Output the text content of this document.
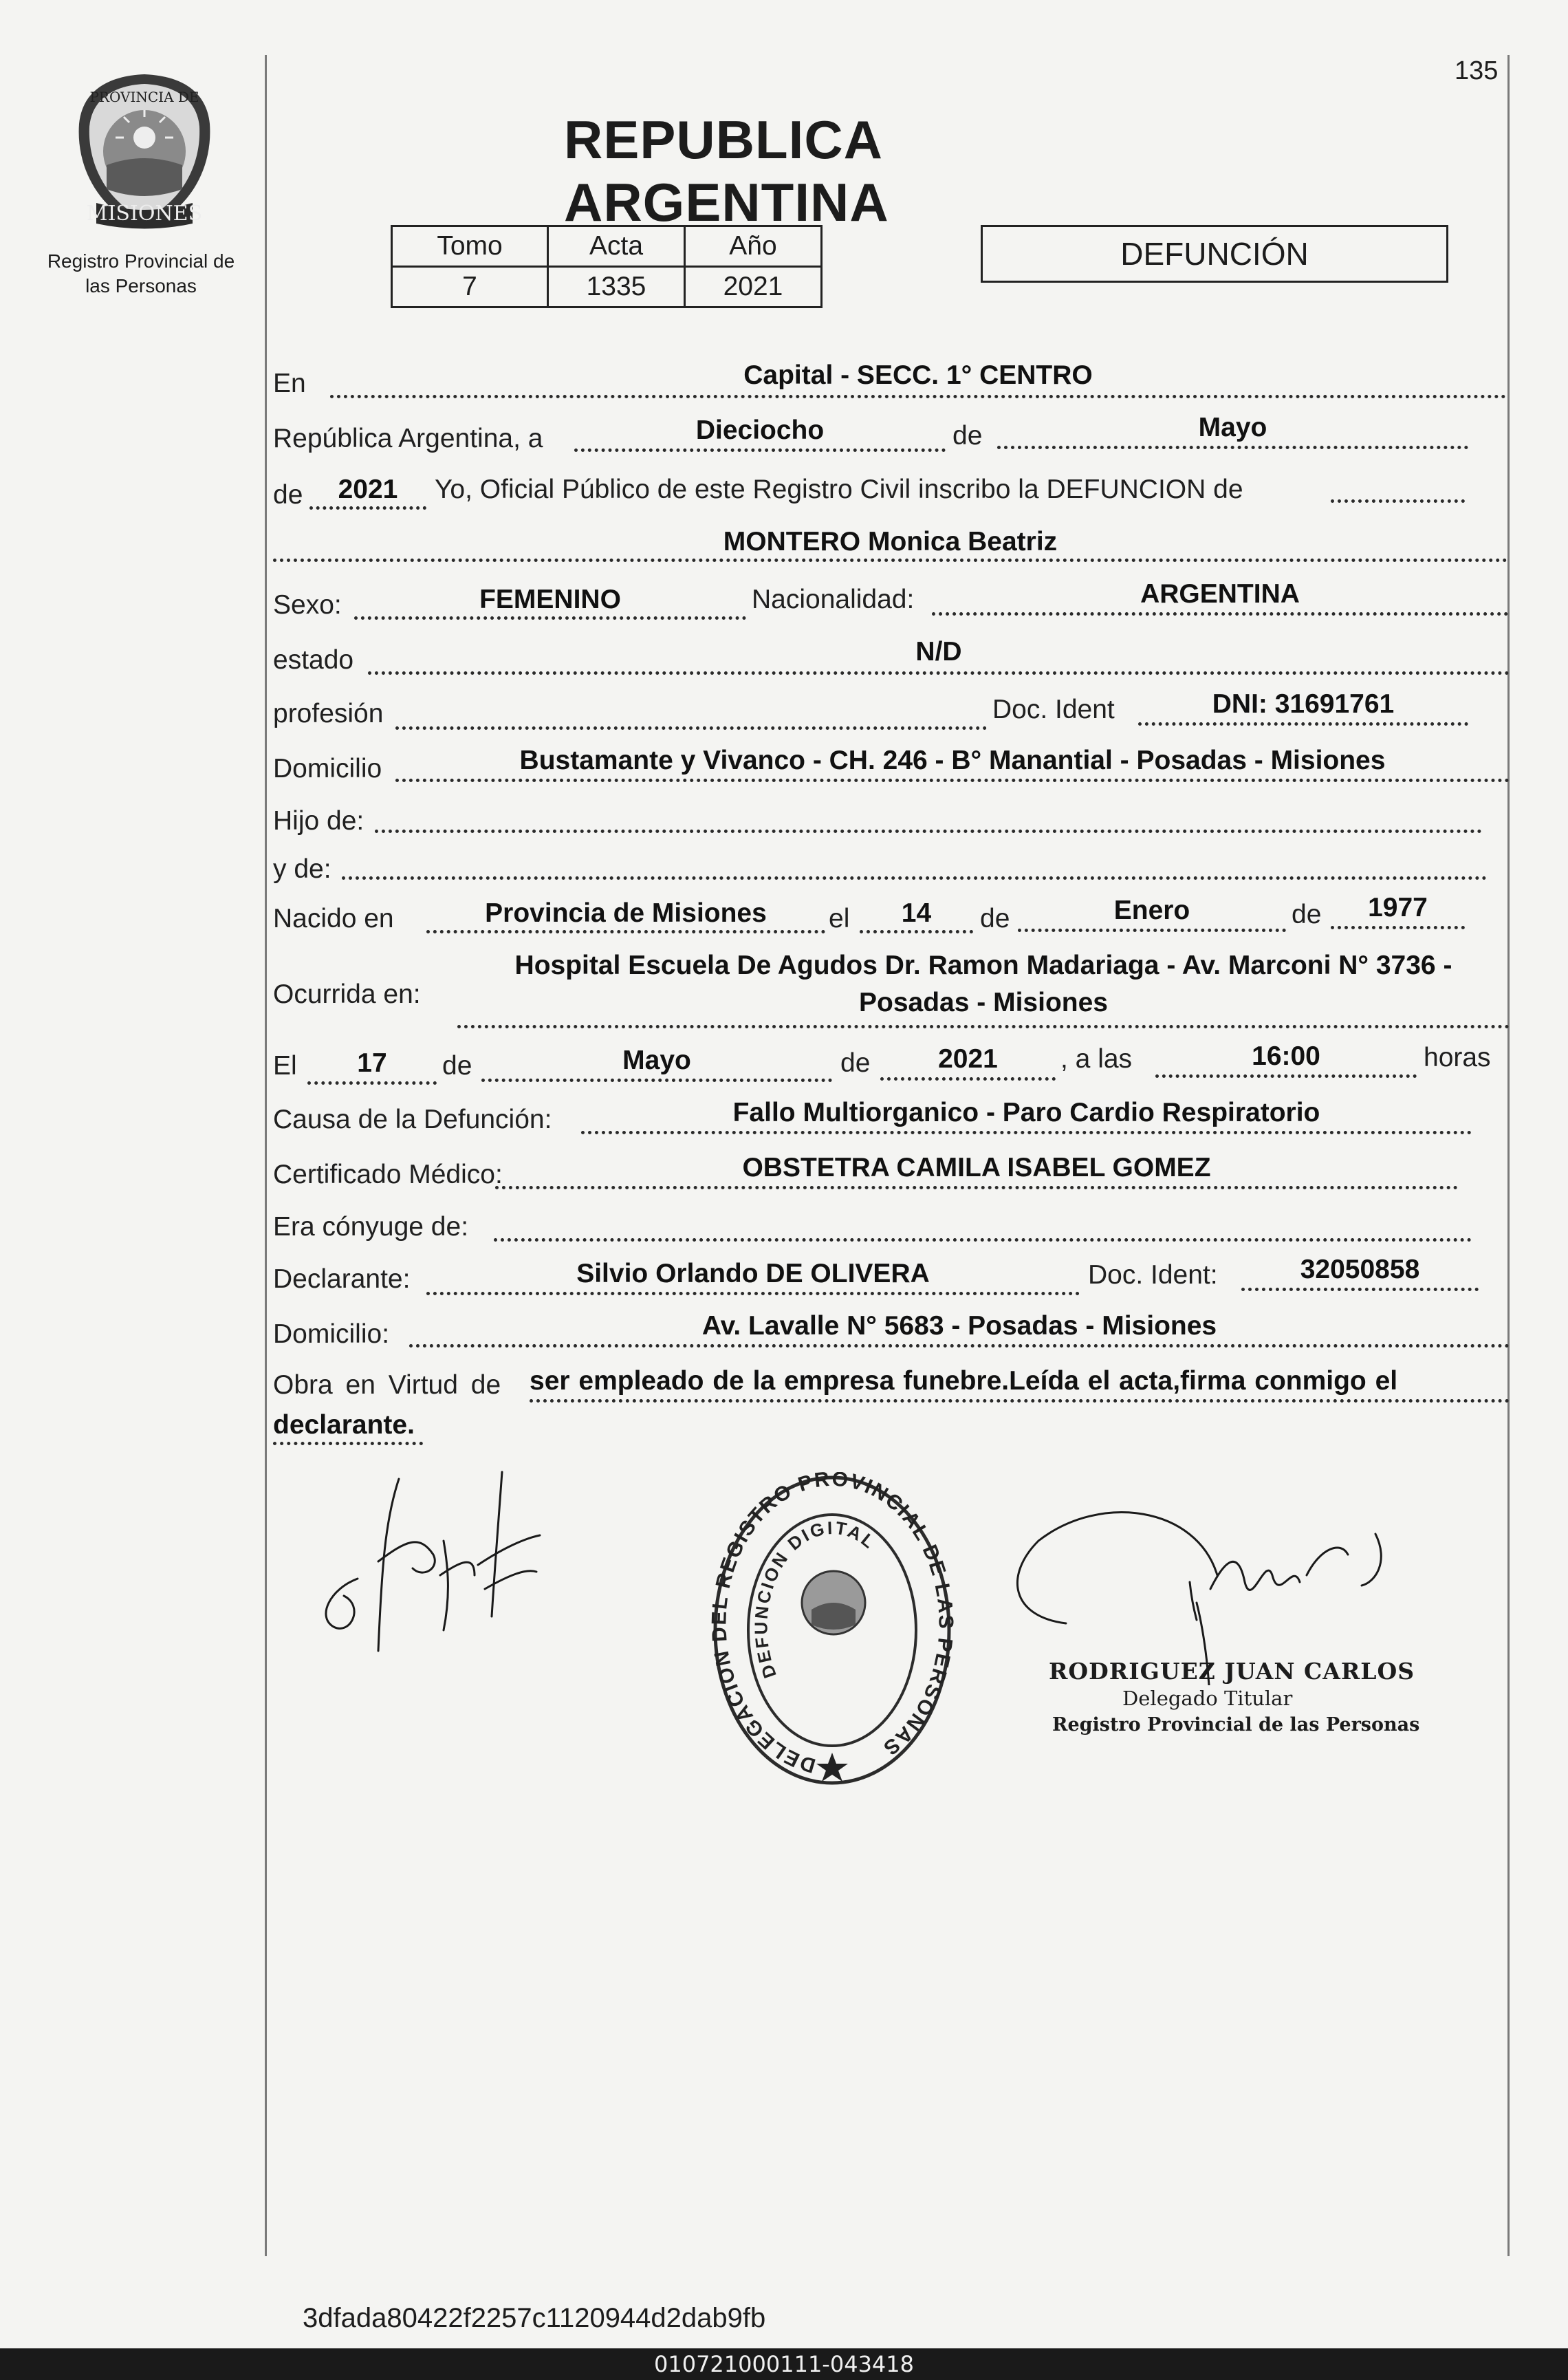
135
MISIONES
PROVINCIA DE
Registro Provincial de
las Personas
REPUBLICA ARGENTINA
Tomo	Acta	Año
7	1335	2021
DEFUNCIÓN
En	Capital - SECC. 1° CENTRO
República Argentina, a	Dieciocho	de	Mayo
de	2021	Yo, Oficial Público de este Registro Civil inscribo la DEFUNCION de
MONTERO Monica Beatriz
Sexo:	FEMENINO	Nacionalidad:	ARGENTINA
estado	N/D
profesión	Doc. Ident	DNI: 31691761
Domicilio	Bustamante y Vivanco - CH. 246 - B° Manantial - Posadas - Misiones
Hijo de:
y de:
Nacido en	Provincia de Misiones	el	14	de	Enero	de	1977
Ocurrida en:
Hospital Escuela De Agudos Dr. Ramon Madariaga - Av. Marconi N° 3736 -
Posadas - Misiones
El	17	de	Mayo	de	2021	, a las	16:00	horas
Causa de la Defunción:	Fallo Multiorganico - Paro Cardio Respiratorio
Certificado Médico:	OBSTETRA CAMILA ISABEL GOMEZ
Era cónyuge de:
Declarante:	Silvio Orlando DE OLIVERA	Doc. Ident:	32050858
Domicilio:	Av. Lavalle N° 5683 - Posadas - Misiones
Obra en Virtud de ser empleado de la empresa funebre.Leída el acta,firma conmigo el
declarante.
DELEGACION DEL REGISTRO PROVINCIAL DE LAS PERSONAS
DEFUNCION DIGITAL
RODRIGUEZ JUAN CARLOS
Delegado Titular
Registro Provincial de las Personas
3dfada80422f2257c1120944d2dab9fb
010721000111-043418
